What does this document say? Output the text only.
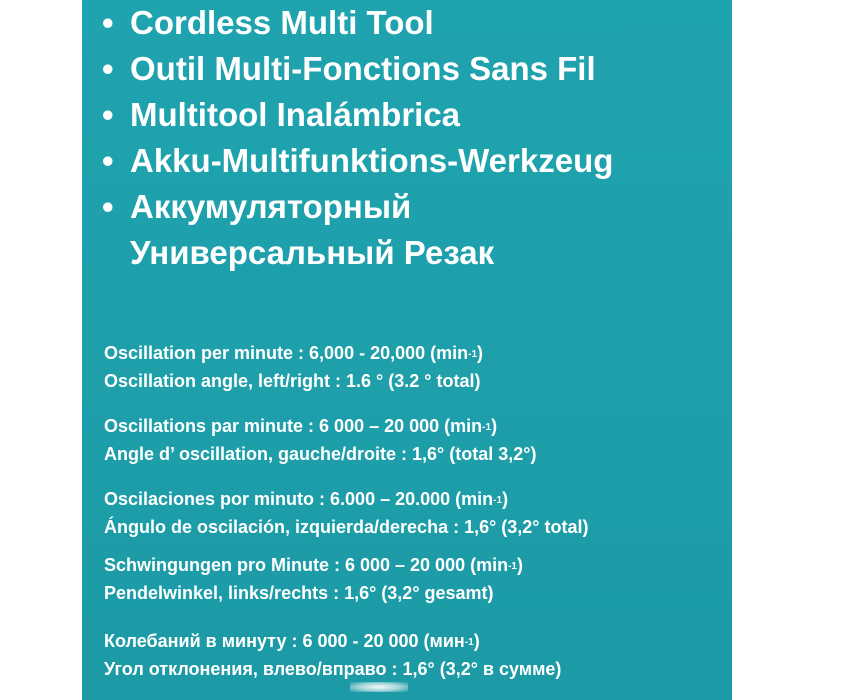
• Cordless Multi Tool
• Outil Multi-Fonctions Sans Fil
• Multitool Inalámbrica
• Akku-Multifunktions-Werkzeug
• Аккумуляторный
Универсальный Резак
Oscillation per minute : 6,000 - 20,000 $(\min^{-1})$
Oscillation angle, left/right : 1.6 ° (3.2 ° total)
Oscillations par minute : 6 000 – 20 000 $(\min^{-1})$
Angle d’ oscillation, gauche/droite : 1,6° (total 3,2°)
Oscilaciones por minuto : 6.000 – 20.000 $(\min^{-1})$
Ángulo de oscilación, izquierda/derecha : 1,6° (3,2° total)
Schwingungen pro Minute : 6 000 – 20 000 $(\min^{-1})$
Pendelwinkel, links/rechts : 1,6° (3,2° gesamt)
Колебаний в минуту : 6 000 - 20 000 (мин$^{-1}$)
Угол отклонения, влево/вправо : 1,6° (3,2° в сумме)
